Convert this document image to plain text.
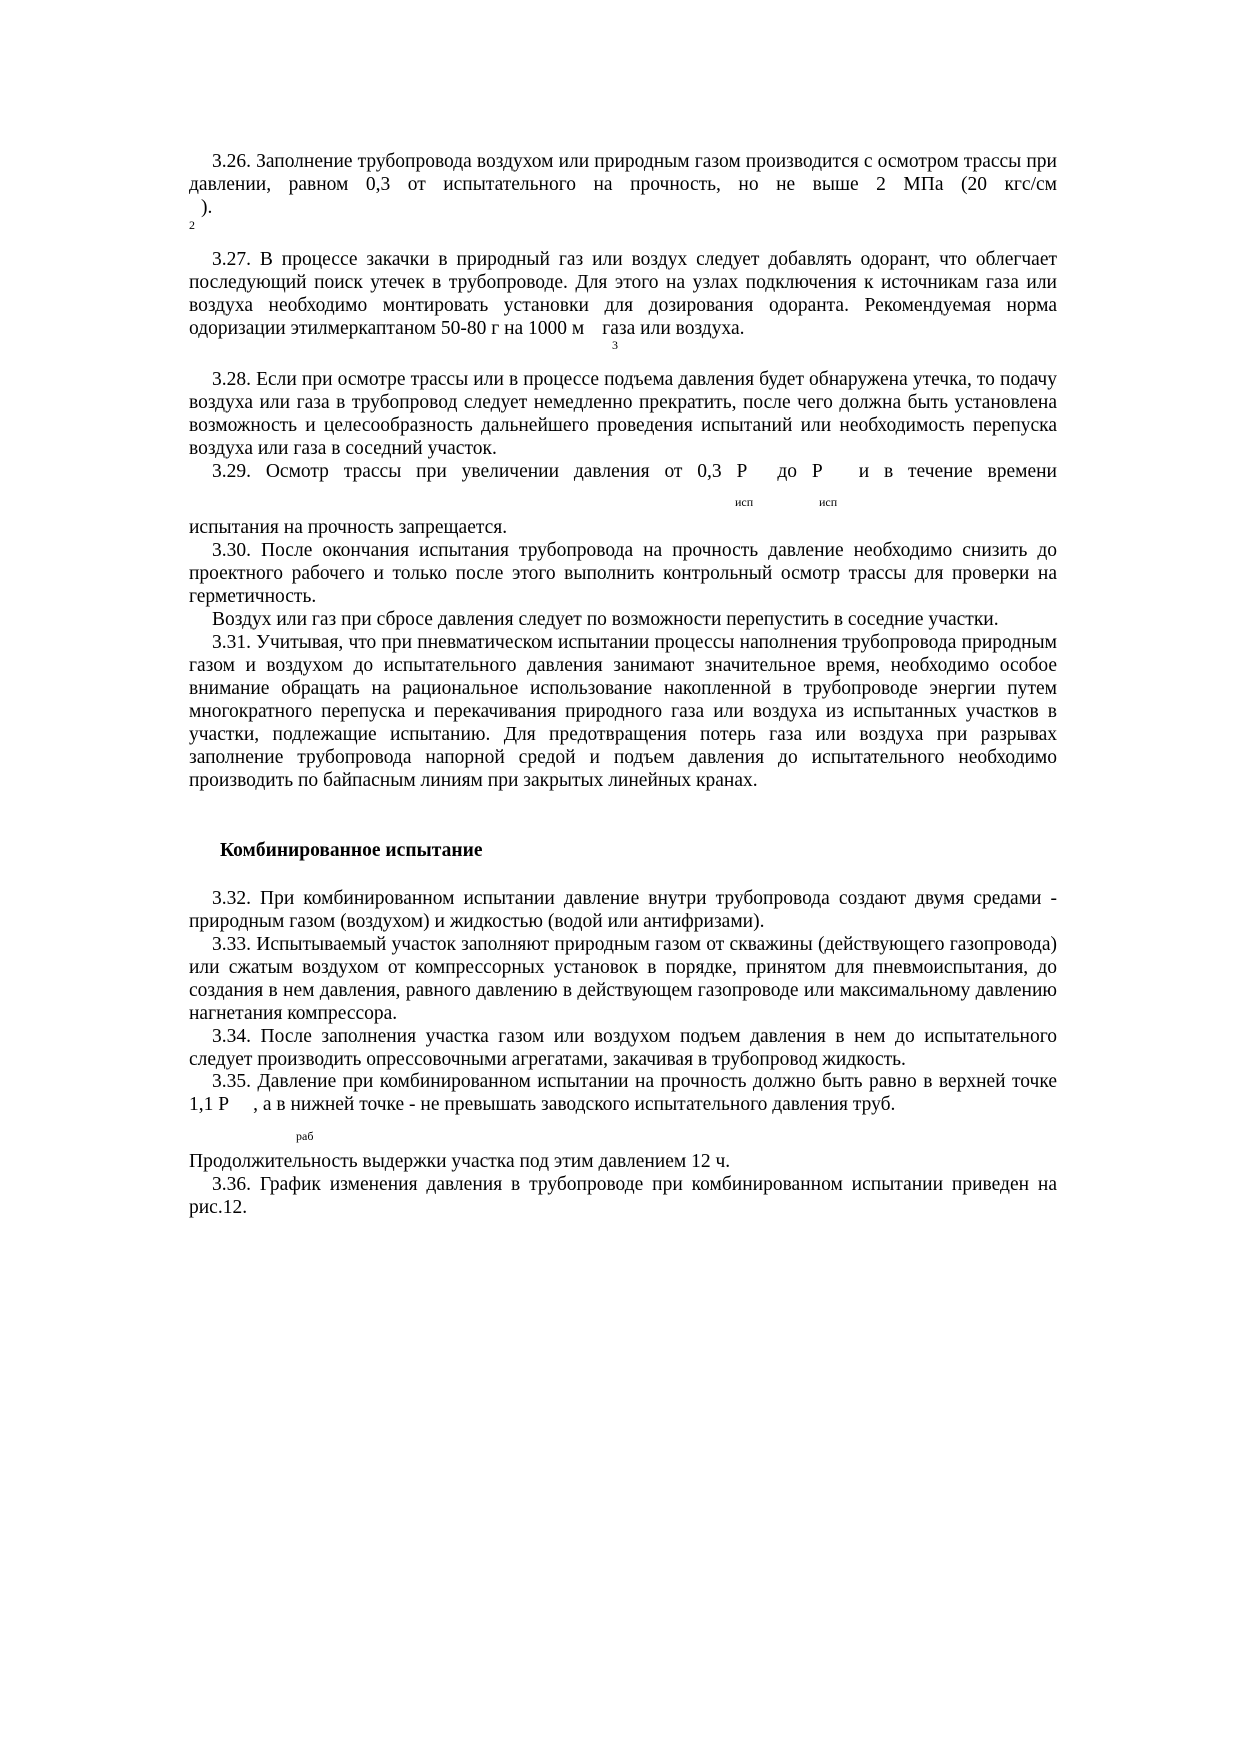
3.26. Заполнение трубопровода воздухом или природным газом производится с осмотром трассы при давлении, равном 0,3 от испытательного на прочность, но не выше 2 МПа (20 кгс/см

).

2

3.27. В процессе закачки в природный газ или воздух следует добавлять одорант, что облегчает последующий поиск утечек в трубопроводе. Для этого на узлах подключения к источникам газа или воздуха необходимо монтировать установки для дозирования одоранта. Рекомендуемая норма одоризации этилмеркаптаном 50-80 г на 1000 м газа или воздуха.

3

3.28. Если при осмотре трассы или в процессе подъема давления будет обнаружена утечка, то подачу воздуха или газа в трубопровод следует немедленно прекратить, после чего должна быть установлена возможность и целесообразность дальнейшего проведения испытаний или необходимость перепуска воздуха или газа в соседний участок.

3.29. Осмотр трассы при увеличении давления от 0,3 Р до Р и в течение времени

исп	исп

испытания на прочность запрещается.

3.30. После окончания испытания трубопровода на прочность давление необходимо снизить до проектного рабочего и только после этого выполнить контрольный осмотр трассы для проверки на герметичность.

Воздух или газ при сбросе давления следует по возможности перепустить в соседние участки.

3.31. Учитывая, что при пневматическом испытании процессы наполнения трубопровода природным газом и воздухом до испытательного давления занимают значительное время, необходимо особое внимание обращать на рациональное использование накопленной в трубопроводе энергии путем многократного перепуска и перекачивания природного газа или воздуха из испытанных участков в участки, подлежащие испытанию. Для предотвращения потерь газа или воздуха при разрывах заполнение трубопровода напорной средой и подъем давления до испытательного необходимо производить по байпасным линиям при закрытых линейных кранах.

Комбинированное испытание

3.32. При комбинированном испытании давление внутри трубопровода создают двумя средами - природным газом (воздухом) и жидкостью (водой или антифризами).

3.33. Испытываемый участок заполняют природным газом от скважины (действующего газопровода) или сжатым воздухом от компрессорных установок в порядке, принятом для пневмоиспытания, до создания в нем давления, равного давлению в действующем газопроводе или максимальному давлению нагнетания компрессора.

3.34. После заполнения участка газом или воздухом подъем давления в нем до испытательного следует производить опрессовочными агрегатами, закачивая в трубопровод жидкость.

3.35. Давление при комбинированном испытании на прочность должно быть равно в верхней точке 1,1 Р , а в нижней точке - не превышать заводского испытательного давления труб.

раб

Продолжительность выдержки участка под этим давлением 12 ч.

3.36. График изменения давления в трубопроводе при комбинированном испытании приведен на рис.12.
